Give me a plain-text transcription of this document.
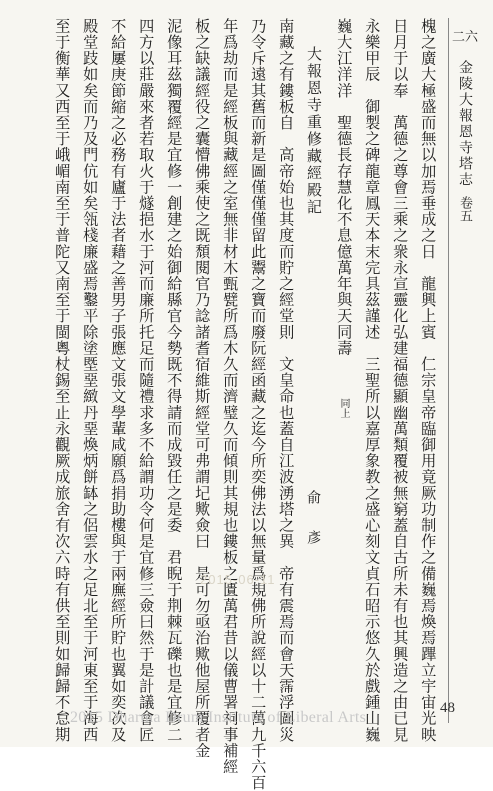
金陵大報恩寺塔志
卷五
二六
槐之廣大極盛而無以加焉垂成之日　龍興上賓　仁宗皇帝臨御用竟厥功制作之備巍焉煥焉蹕立宇宙光映
日月于以奉　萬德之尊會三乘之衆永宣靈化弘建福德顯幽萬類覆被無窮蓋自古所未有也其興造之由已見
永樂甲辰　御製之碑龍章鳳天本末完具茲謹述　三聖所以嘉厚象教之盛心刻文貞石昭示悠久於戲鍾山巍
巍大江洋洋　聖德長存慧化不息億萬年與天同壽
同上
大報恩寺重修藏經殿記
俞　彥
南藏之有鏤板自　高帝始也其度而貯之經堂則　文皇命也蓋自江波湧塔之異　帝有震焉而會天霈浮圖災
乃令斥遠其舊而新是圖僅僅僅留此鬻之寶而廢阮經函藏之迄今所奕佛法以無量爲規佛所說經以十二萬九千六百
年爲劫而是經板與藏經之室無非材木甄甓所爲木久而濟璧久而傾則其規也鏤板之匱萬君昔以儀曹署祠事補經
板之缺議經役之囊懵佛乘使之既頹閱官乃諗諸耆宿維斯經堂可弗謂圮歟僉曰　是可勿亟治歟他屋所覆者金
泥像耳茲獨覆經是宜修一創建之始御給縣官今勢既不得請而成毀任之是委　君睨于荆棘瓦礫也是宜修二
四方以莊嚴來者若取火于燧挹水于河而廉所托足而隨禮求多不給謂功令何是宜修三僉曰然于是計議會匠
不給屢庚節縮之必務有廬于法者藉之善男子張應文張文學輩咸願爲捐助樓與于兩廡經所貯也翼如奕次及
殿堂跂如矣而乃及門伉如矣瓴棧廉盛焉鑿平除塗塈堊緻丹堊煥炳餅缽之侶雲水之足北至于河東至于海西
至于衡華又西至于峨嵋南至于普陀又南至于閩粵杖錫至止永觀厥成旅舍有次六時有供至則如歸歸不怠期	2015-06-11
48
2015 Dharma Drum Institute of Liberal Arts
